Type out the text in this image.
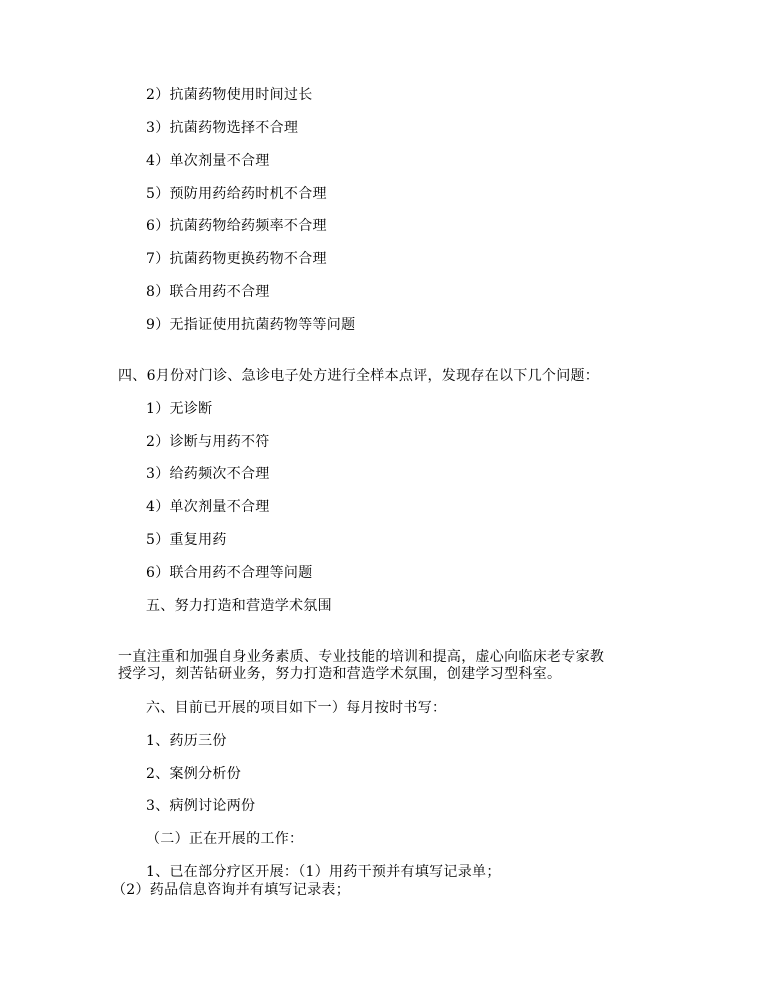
2）抗菌药物使用时间过长
3）抗菌药物选择不合理
4）单次剂量不合理
5）预防用药给药时机不合理
6）抗菌药物给药频率不合理
7）抗菌药物更换药物不合理
8）联合用药不合理
9）无指证使用抗菌药物等等问题
四、6月份对门诊、急诊电子处方进行全样本点评，发现存在以下几个问题：
1）无诊断
2）诊断与用药不符
3）给药频次不合理
4）单次剂量不合理
5）重复用药
6）联合用药不合理等问题
五、努力打造和营造学术氛围
一直注重和加强自身业务素质、专业技能的培训和提高，虚心向临床老专家教
授学习，刻苦钻研业务，努力打造和营造学术氛围，创建学习型科室。
六、目前已开展的项目如下一）每月按时书写：
1、药历三份
2、案例分析份
3、病例讨论两份
（二）正在开展的工作：
1、已在部分疗区开展：（1）用药干预并有填写记录单；
（2）药品信息咨询并有填写记录表；
